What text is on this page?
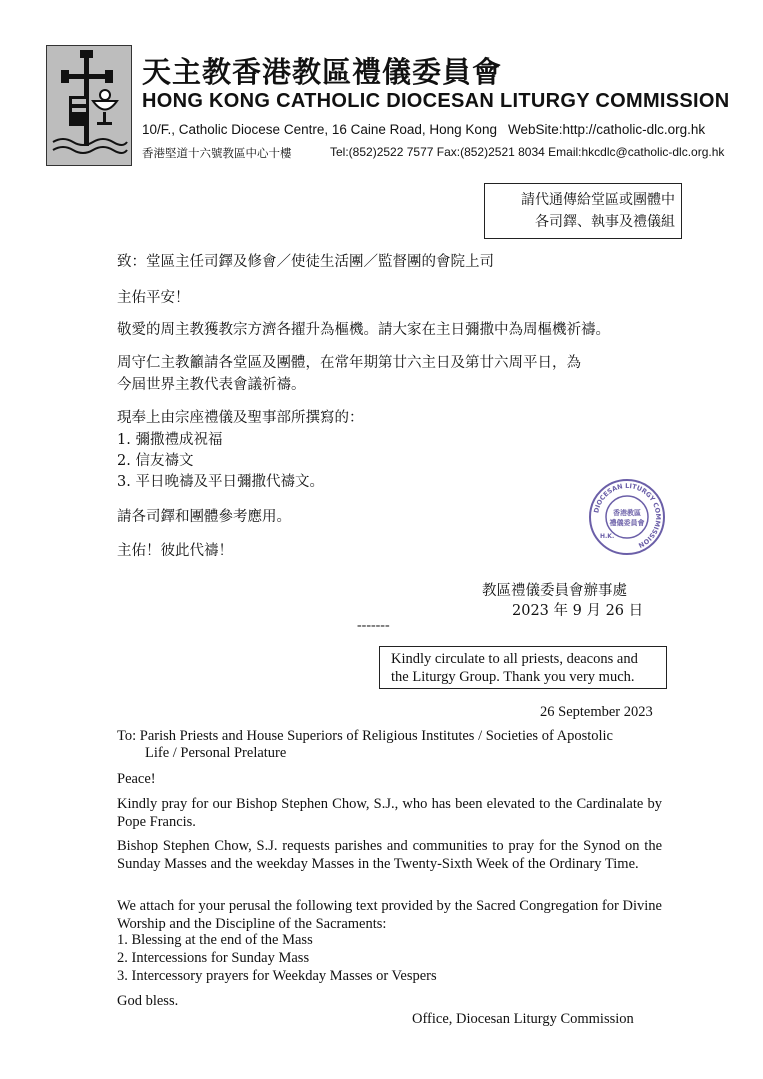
天主教香港教區禮儀委員會
HONG KONG CATHOLIC DIOCESAN LITURGY COMMISSION
10/F., Catholic Diocese Centre, 16 Caine Road, Hong Kong WebSite:http://catholic-dlc.org.hk
香港堅道十六號教區中心十樓	Tel:(852)2522 7577 Fax:(852)2521 8034 Email:hkcdlc@catholic-dlc.org.hk
請代通傳給堂區或團體中
各司鐸、執事及禮儀組
致：堂區主任司鐸及修會／使徒生活團／監督團的會院上司
主佑平安！
敬愛的周主教獲教宗方濟各擢升為樞機。請大家在主日彌撒中為周樞機祈禱。
周守仁主教籲請各堂區及團體，在常年期第廿六主日及第廿六周平日，為
今屆世界主教代表會議祈禱。
現奉上由宗座禮儀及聖事部所撰寫的：
1. 彌撒禮成祝福
2. 信友禱文
3. 平日晚禱及平日彌撒代禱文。
請各司鐸和團體參考應用。
主佑！彼此代禱！
教區禮儀委員會辦事處
2023 年 9 月 26 日
DIOCESAN LITURGY COMMISSION
H.K.
香港教區
禮儀委員會
-------
Kindly circulate to all priests, deacons and
the Liturgy Group. Thank you very much.
26 September 2023
To: Parish Priests and House Superiors of Religious Institutes / Societies of Apostolic
Life / Personal Prelature
Peace!
Kindly pray for our Bishop Stephen Chow, S.J., who has been elevated to the Cardinalate by Pope Francis.
Bishop Stephen Chow, S.J. requests parishes and communities to pray for the Synod on the Sunday Masses and the weekday Masses in the Twenty-Sixth Week of the Ordinary Time.
We attach for your perusal the following text provided by the Sacred Congregation for Divine Worship and the Discipline of the Sacraments:
1. Blessing at the end of the Mass
2. Intercessions for Sunday Mass
3. Intercessory prayers for Weekday Masses or Vespers
God bless.
Office, Diocesan Liturgy Commission
